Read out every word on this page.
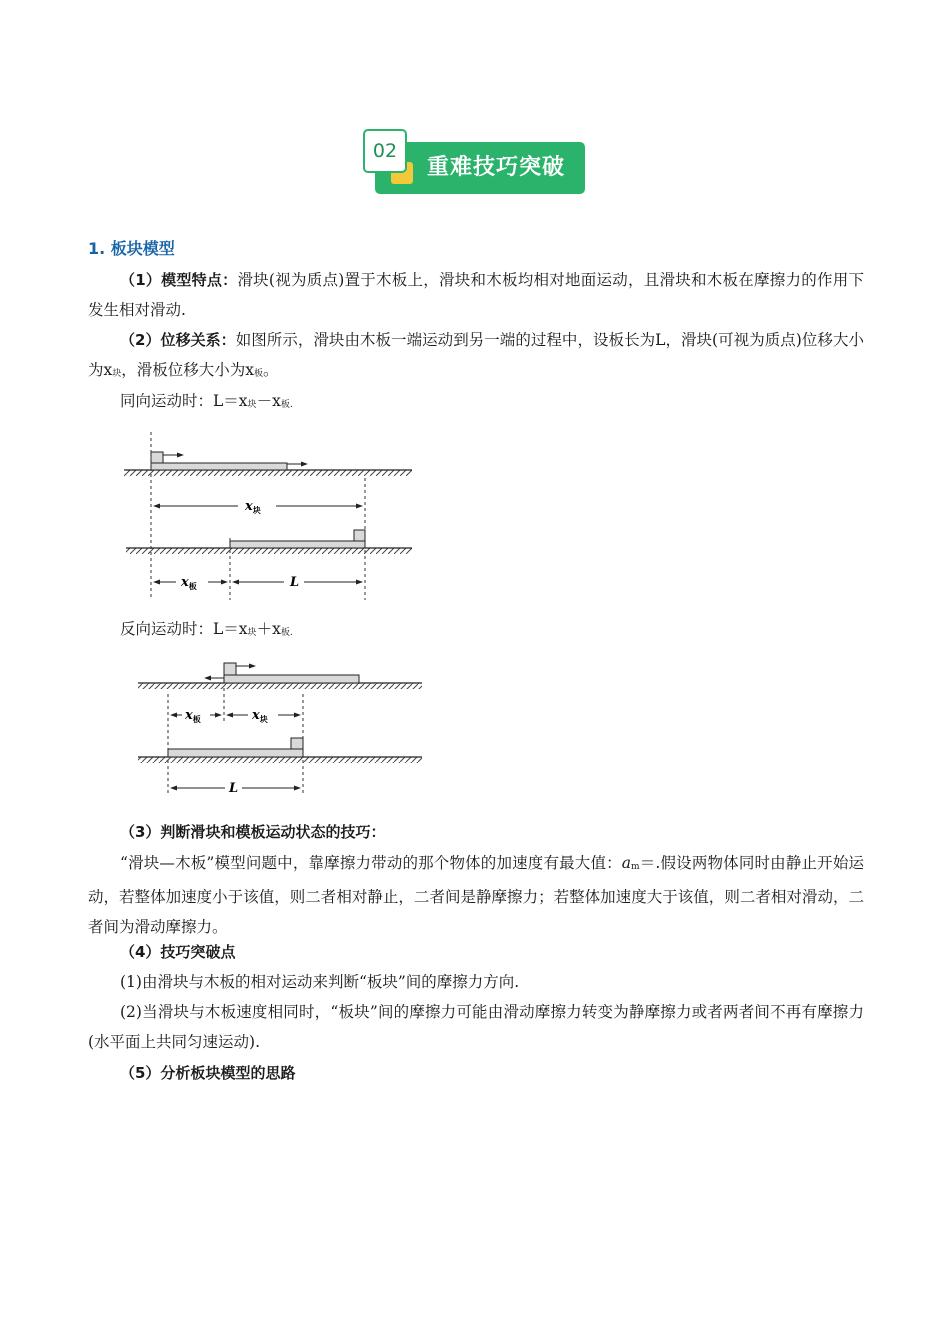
02
重难技巧突破
1. 板块模型
（1）模型特点：滑块(视为质点)置于木板上，滑块和木板均相对地面运动，且滑块和木板在摩擦力的作用下发生相对滑动.
（2）位移关系：如图所示，滑块由木板一端运动到另一端的过程中，设板长为L，滑块(可视为质点)位移大小为x块，滑板位移大小为x板。
同向运动时：L＝x块－x板.
$x_块$
$x_板$	L
反向运动时：L＝x块＋x板.
$x_板$	$x_块$
L
（3）判断滑块和模板运动状态的技巧：
“滑块—木板”模型问题中，靠摩擦力带动的那个物体的加速度有最大值：am＝.假设两物体同时由静止开始运动，若整体加速度小于该值，则二者相对静止，二者间是静摩擦力；若整体加速度大于该值，则二者相对滑动，二者间为滑动摩擦力。
（4）技巧突破点
(1)由滑块与木板的相对运动来判断“板块”间的摩擦力方向.
(2)当滑块与木板速度相同时，“板块”间的摩擦力可能由滑动摩擦力转变为静摩擦力或者两者间不再有摩擦力(水平面上共同匀速运动).
（5）分析板块模型的思路
